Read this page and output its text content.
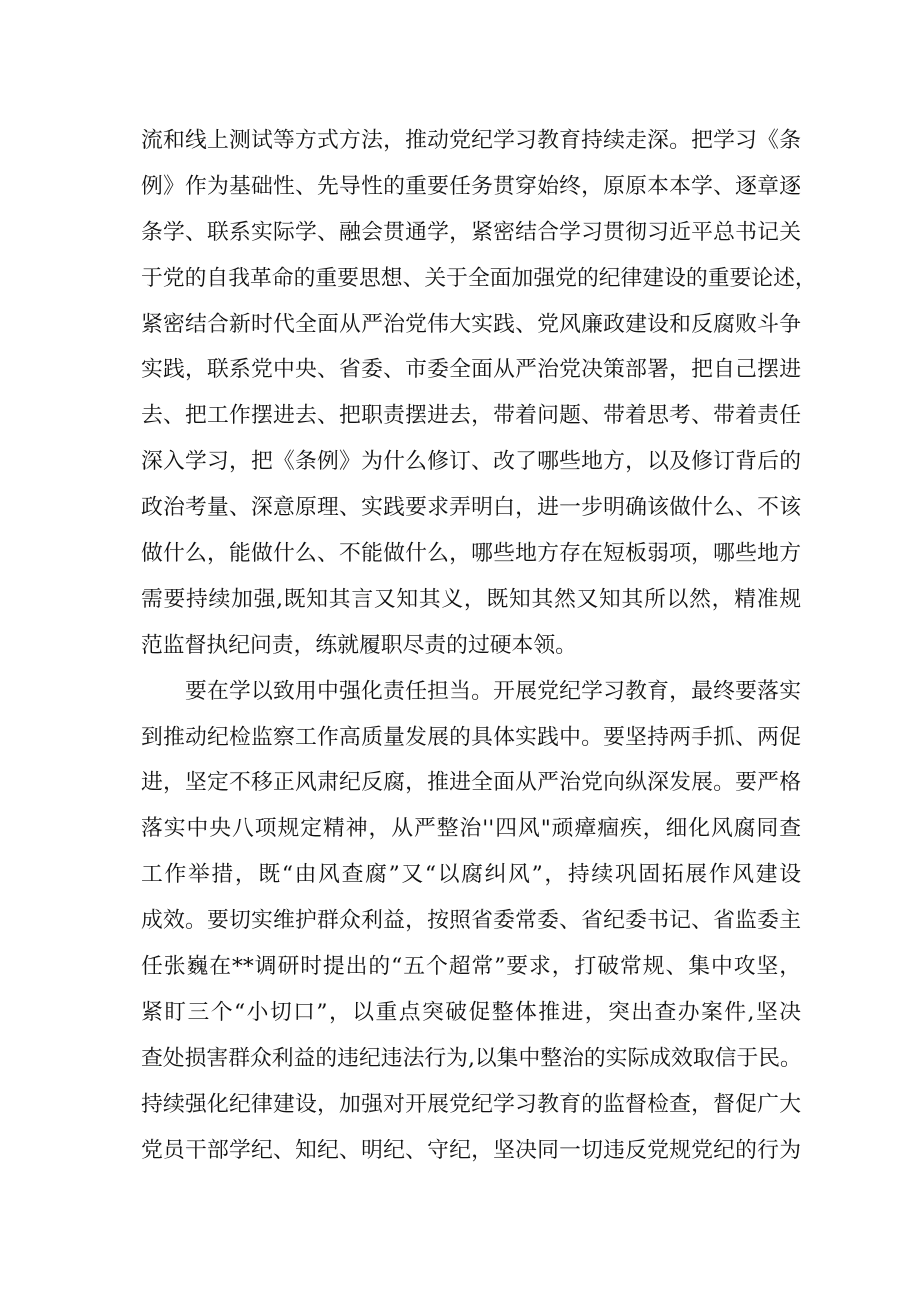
流和线上测试等方式方法，推动党纪学习教育持续走深。把学习《条
例》作为基础性、先导性的重要任务贯穿始终，原原本本学、逐章逐
条学、联系实际学、融会贯通学，紧密结合学习贯彻习近平总书记关
于党的自我革命的重要思想、关于全面加强党的纪律建设的重要论述，
紧密结合新时代全面从严治党伟大实践、党风廉政建设和反腐败斗争
实践，联系党中央、省委、市委全面从严治党决策部署，把自己摆进
去、把工作摆进去、把职责摆进去，带着问题、带着思考、带着责任
深入学习，把《条例》为什么修订、改了哪些地方，以及修订背后的
政治考量、深意原理、实践要求弄明白，进一步明确该做什么、不该
做什么，能做什么、不能做什么，哪些地方存在短板弱项，哪些地方
需要持续加强,既知其言又知其义，既知其然又知其所以然，精准规
范监督执纪问责，练就履职尽责的过硬本领。
要在学以致用中强化责任担当。开展党纪学习教育，最终要落实
到推动纪检监察工作高质量发展的具体实践中。要坚持两手抓、两促
进，坚定不移正风肃纪反腐，推进全面从严治党向纵深发展。要严格
落实中央八项规定精神，从严整治''四风"顽瘴痼疾，细化风腐同查
工作举措，既“由风查腐”又“以腐纠风”，持续巩固拓展作风建设
成效。要切实维护群众利益，按照省委常委、省纪委书记、省监委主
任张巍在**调研时提出的“五个超常”要求，打破常规、集中攻坚，
紧盯三个“小切口”，以重点突破促整体推进，突出查办案件,坚决
查处损害群众利益的违纪违法行为,以集中整治的实际成效取信于民。
持续强化纪律建设，加强对开展党纪学习教育的监督检查，督促广大
党员干部学纪、知纪、明纪、守纪，坚决同一切违反党规党纪的行为
